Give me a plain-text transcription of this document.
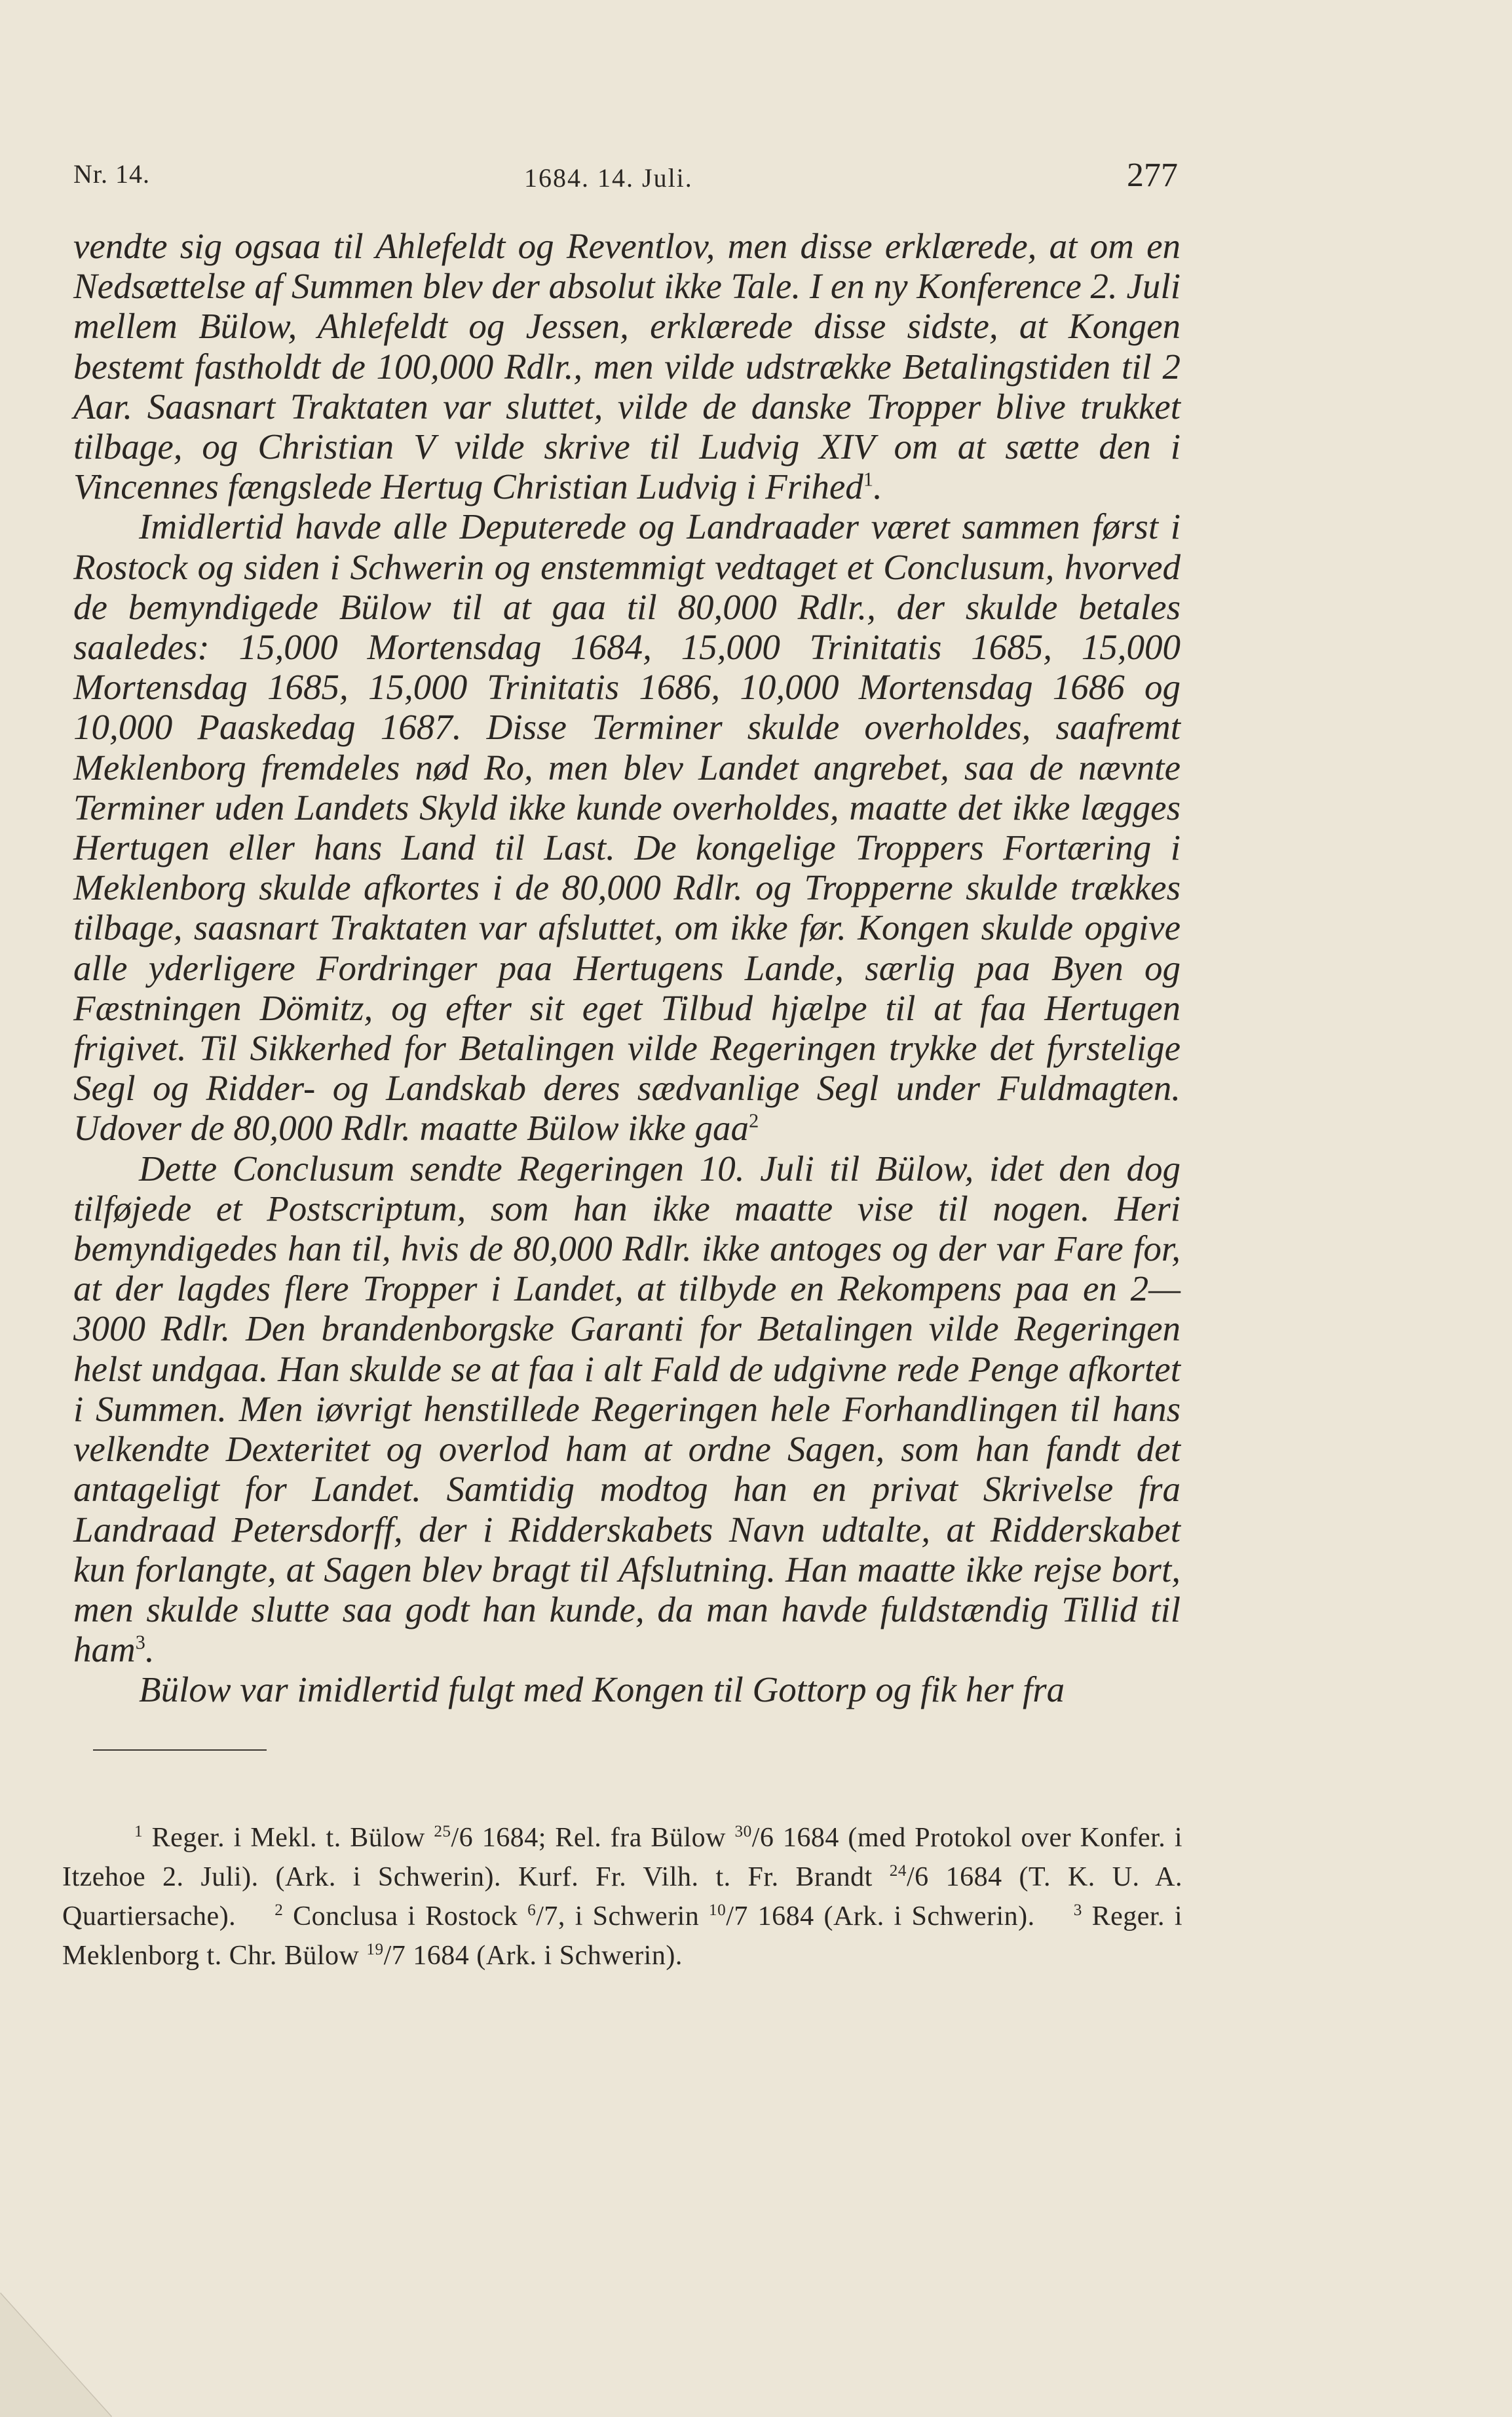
Nr. 14.	1684. 14. Juli.	277

vendte sig ogsaa til Ahlefeldt og Reventlov, men disse erklærede, at om en Nedsættelse af Summen blev der absolut ikke Tale. I en ny Konference 2. Juli mellem Bülow, Ahlefeldt og Jessen, erklærede disse sidste, at Kongen bestemt fastholdt de 100,000 Rdlr., men vilde udstrække Betalingstiden til 2 Aar. Saasnart Traktaten var sluttet, vilde de danske Tropper blive trukket tilbage, og Christian V vilde skrive til Ludvig XIV om at sætte den i Vincennes fængslede Hertug Christian Ludvig i Frihed$^1$.

Imidlertid havde alle Deputerede og Landraader været sammen først i Rostock og siden i Schwerin og enstemmigt vedtaget et Conclusum, hvorved de bemyndigede Bülow til at gaa til 80,000 Rdlr., der skulde betales saaledes: 15,000 Mortensdag 1684, 15,000 Trinitatis 1685, 15,000 Mortensdag 1685, 15,000 Trinitatis 1686, 10,000 Mortensdag 1686 og 10,000 Paaskedag 1687. Disse Terminer skulde overholdes, saafremt Meklenborg fremdeles nød Ro, men blev Landet angrebet, saa de nævnte Terminer uden Landets Skyld ikke kunde overholdes, maatte det ikke lægges Hertugen eller hans Land til Last. De kongelige Troppers Fortæring i Meklenborg skulde afkortes i de 80,000 Rdlr. og Tropperne skulde trækkes tilbage, saasnart Traktaten var afsluttet, om ikke før. Kongen skulde opgive alle yderligere Fordringer paa Hertugens Lande, særlig paa Byen og Fæstningen Dömitz, og efter sit eget Tilbud hjælpe til at faa Hertugen frigivet. Til Sikkerhed for Betalingen vilde Regeringen trykke det fyrstelige Segl og Ridder- og Landskab deres sædvanlige Segl under Fuldmagten. Udover de 80,000 Rdlr. maatte Bülow ikke gaa$^2$

Dette Conclusum sendte Regeringen 10. Juli til Bülow, idet den dog tilføjede et Postscriptum, som han ikke maatte vise til nogen. Heri bemyndigedes han til, hvis de 80,000 Rdlr. ikke antoges og der var Fare for, at der lagdes flere Tropper i Landet, at tilbyde en Rekompens paa en 2—3000 Rdlr. Den brandenborgske Garanti for Betalingen vilde Regeringen helst undgaa. Han skulde se at faa i alt Fald de udgivne rede Penge afkortet i Summen. Men iøvrigt henstillede Regeringen hele Forhandlingen til hans velkendte Dexteritet og overlod ham at ordne Sagen, som han fandt det antageligt for Landet. Samtidig modtog han en privat Skrivelse fra Landraad Petersdorff, der i Ridderskabets Navn udtalte, at Ridderskabet kun forlangte, at Sagen blev bragt til Afslutning. Han maatte ikke rejse bort, men skulde slutte saa godt han kunde, da man havde fuldstændig Tillid til ham$^3$.

Bülow var imidlertid fulgt med Kongen til Gottorp og fik her fra

$^1$ Reger. i Mekl. t. Bülow $^{25}$/6 1684; Rel. fra Bülow $^{30}$/6 1684 (med Protokol over Konfer. i Itzehoe 2. Juli). (Ark. i Schwerin). Kurf. Fr. Vilh. t. Fr. Brandt $^{24}$/6 1684 (T. K. U. A. Quartiersache). $^2$ Conclusa i Rostock $^6$/7, i Schwerin $^{10}$/7 1684 (Ark. i Schwerin). $^3$ Reger. i Meklenborg t. Chr. Bülow $^{19}$/7 1684 (Ark. i Schwerin).
